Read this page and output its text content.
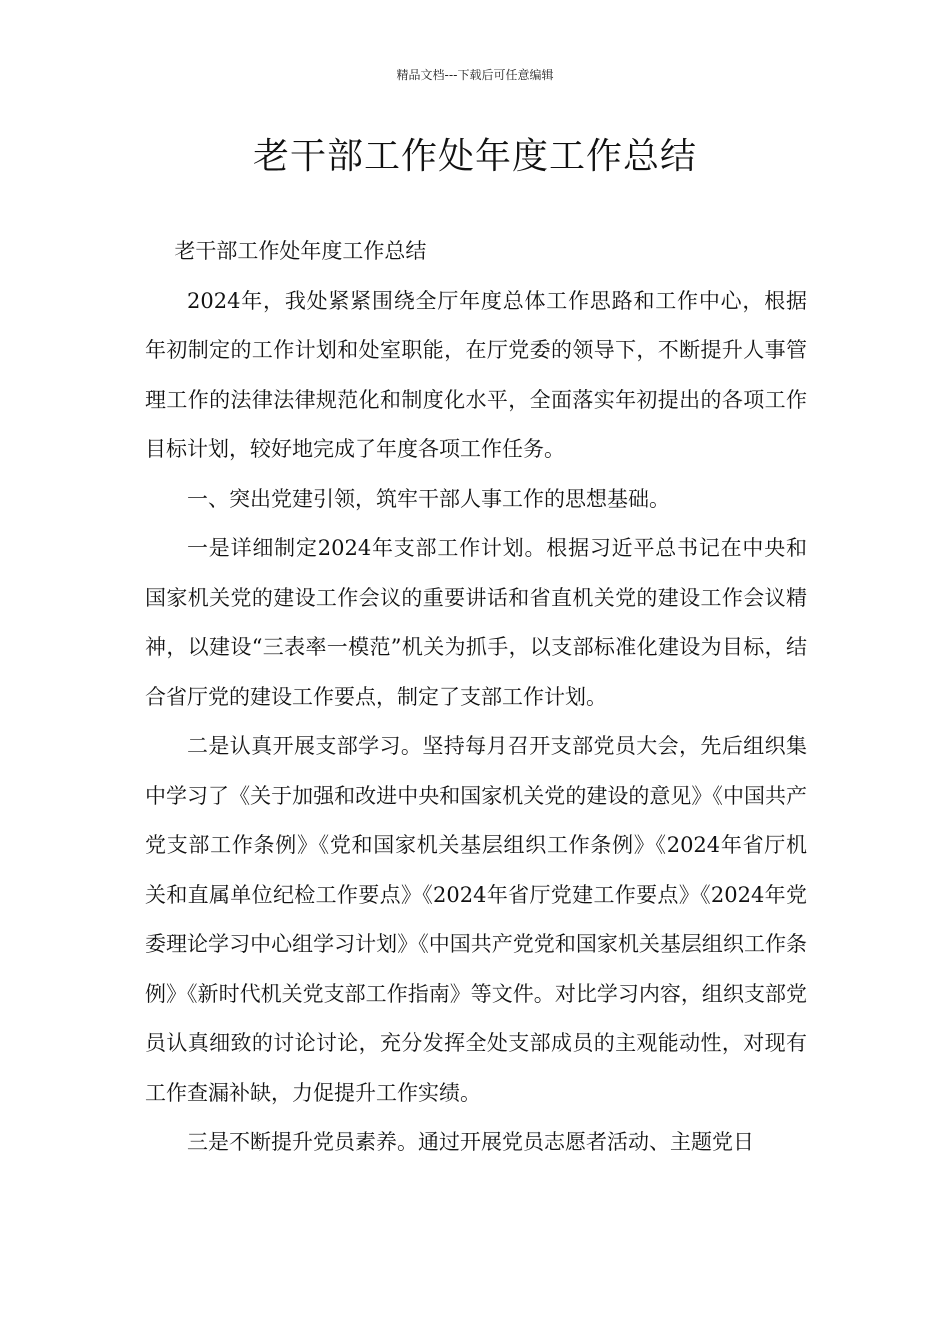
精品文档---下载后可任意编辑

老干部工作处年度工作总结

老干部工作处年度工作总结

2024年，我处紧紧围绕全厅年度总体工作思路和工作中心，根据年初制定的工作计划和处室职能，在厅党委的领导下，不断提升人事管理工作的法律法律规范化和制度化水平，全面落实年初提出的各项工作目标计划，较好地完成了年度各项工作任务。

一、突出党建引领，筑牢干部人事工作的思想基础。

一是详细制定2024年支部工作计划。根据习近平总书记在中央和国家机关党的建设工作会议的重要讲话和省直机关党的建设工作会议精神，以建设“三表率一模范”机关为抓手，以支部标准化建设为目标，结合省厅党的建设工作要点，制定了支部工作计划。

二是认真开展支部学习。坚持每月召开支部党员大会，先后组织集中学习了《关于加强和改进中央和国家机关党的建设的意见》《中国共产党支部工作条例》《党和国家机关基层组织工作条例》《2024年省厅机关和直属单位纪检工作要点》《2024年省厅党建工作要点》《2024年党委理论学习中心组学习计划》《中国共产党党和国家机关基层组织工作条例》《新时代机关党支部工作指南》等文件。对比学习内容，组织支部党员认真细致的讨论讨论，充分发挥全处支部成员的主观能动性，对现有工作查漏补缺，力促提升工作实绩。

三是不断提升党员素养。通过开展党员志愿者活动、主题党日
